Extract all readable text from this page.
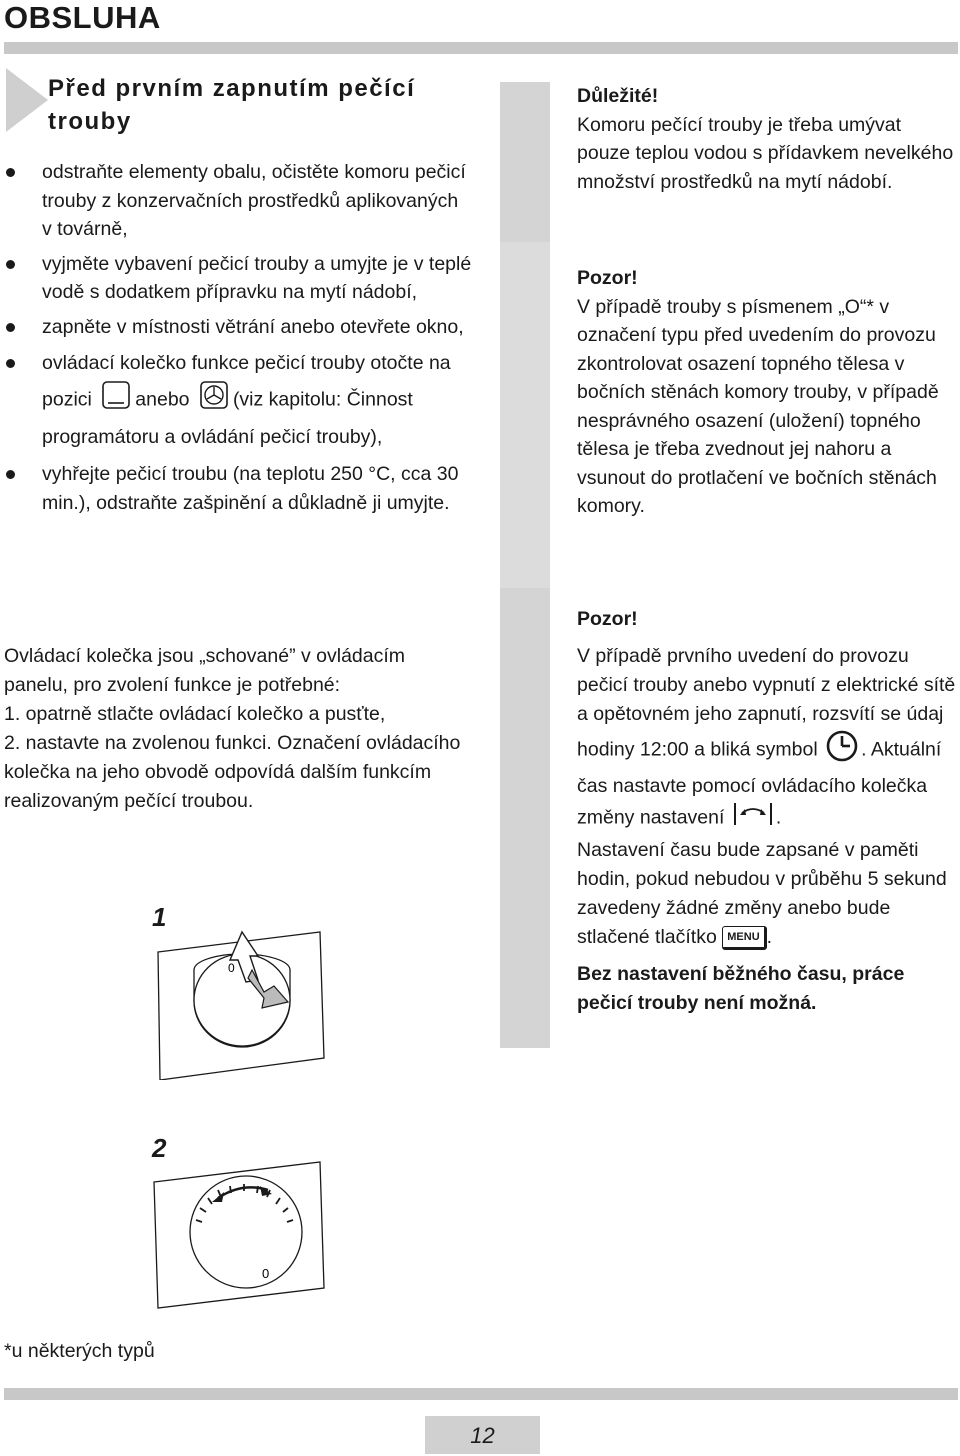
OBSLUHA
Před prvním zapnutím pečící trouby
odstraňte elementy obalu, očistěte komoru pečicí trouby z konzervačních prostředků aplikovaných v továrně,
vyjměte vybavení pečicí trouby a umyjte je v teplé vodě s dodatkem přípravku na mytí nádobí,
zapněte v místnosti větrání anebo otevřete okno,
ovládací kolečko funkce pečicí trouby otočte na pozici anebo (viz kapitolu: Činnost programátoru a ovládání pečicí trouby),
vyhřejte pečicí troubu (na teplotu 250 °C, cca 30 min.), odstraňte zašpinění a důkladně ji umyjte.

Ovládací kolečka jsou „schované” v ovládacím panelu, pro zvolení funkce je potřebné:

1. opatrně stlačte ovládací kolečko a pusťte,

2. nastavte na zvolenou funkci. Označení ovládacího kolečka na jeho obvodě odpovídá dalším funkcím realizovaným pečící troubou.

1
0
2
0

Důležité!

Komoru pečící trouby je třeba umývat pouze teplou vodou s přídavkem nevelkého množství prostředků na mytí nádobí.

Pozor!

V případě trouby s písmenem „O“* v označení typu před uvedením do provozu zkontrolovat osazení topného tělesa v bočních stěnách komory trouby, v případě nesprávného osazení (uložení) topného tělesa je třeba zvednout jej nahoru a vsunout do protlačení ve bočních stěnách komory.

Pozor!

V případě prvního uvedení do provozu pečicí trouby anebo vypnutí z elektrické sítě a opětovném jeho zapnutí, rozsvítí se údaj hodiny 12:00 a bliká symbol . Aktuální čas nastavte pomocí ovládacího kolečka změny nastavení	.

Nastavení času bude zapsané v paměti hodin, pokud nebudou v průběhu 5 sekund zavedeny žádné změny anebo bude stlačené tlačítko MENU .

Bez nastavení běžného času, práce pečicí trouby není možná.

*u některých typů
12
